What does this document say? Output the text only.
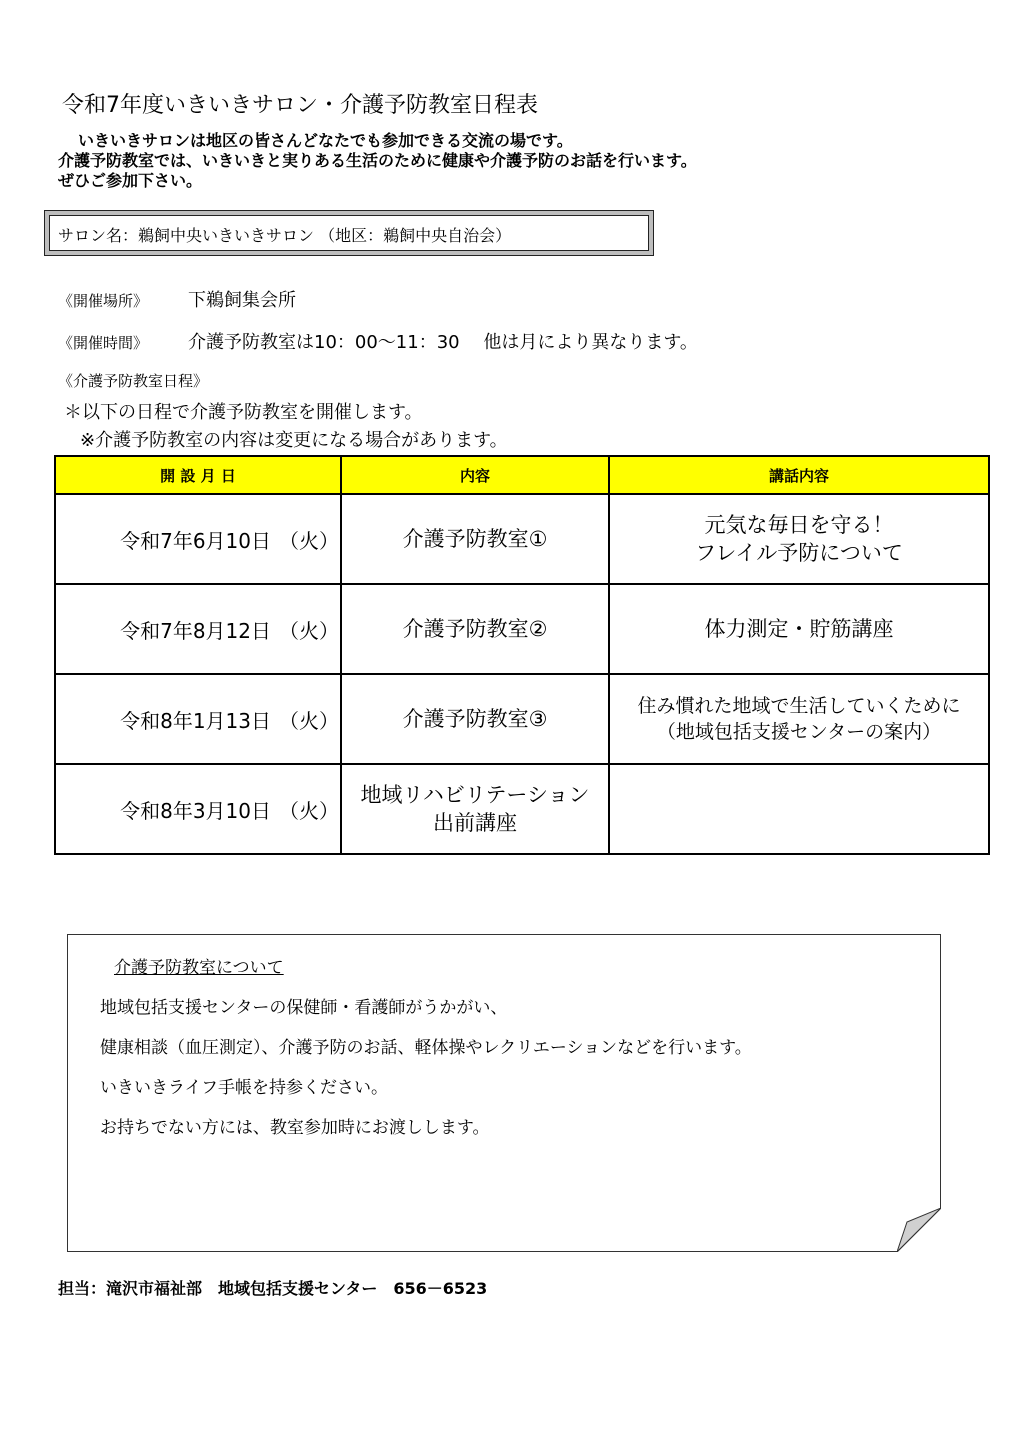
令和7年度いきいきサロン・介護予防教室日程表
いきいきサロンは地区の皆さんどなたでも参加できる交流の場です。
介護予防教室では、いきいきと実りある生活のために健康や介護予防のお話を行います。
ぜひご参加下さい。
サロン名：鵜飼中央いきいきサロン （地区：鵜飼中央自治会）
《開催場所》 下鵜飼集会所
《開催時間》 介護予防教室は10：00～11：30　 他は月により異なります。
《介護予防教室日程》
＊以下の日程で介護予防教室を開催します。
※介護予防教室の内容は変更になる場合があります。
開 設 月 日		内容	講話内容
令和7年6月10日	（火）	介護予防教室①	元気な毎日を守る！
フレイル予防について

令和7年8月12日	（火）	介護予防教室②	体力測定・貯筋講座

令和8年1月13日	（火）	介護予防教室③	住み慣れた地域で生活していくために
（地域包括支援センターの案内）

令和8年3月10日	（火）	地域リハビリテーション
出前講座	

介護予防教室について
地域包括支援センターの保健師・看護師がうかがい、
健康相談（血圧測定）、介護予防のお話、軽体操やレクリエーションなどを行います。
いきいきライフ手帳を持参ください。
お持ちでない方には、教室参加時にお渡しします。
担当：滝沢市福祉部　地域包括支援センター　656－6523
